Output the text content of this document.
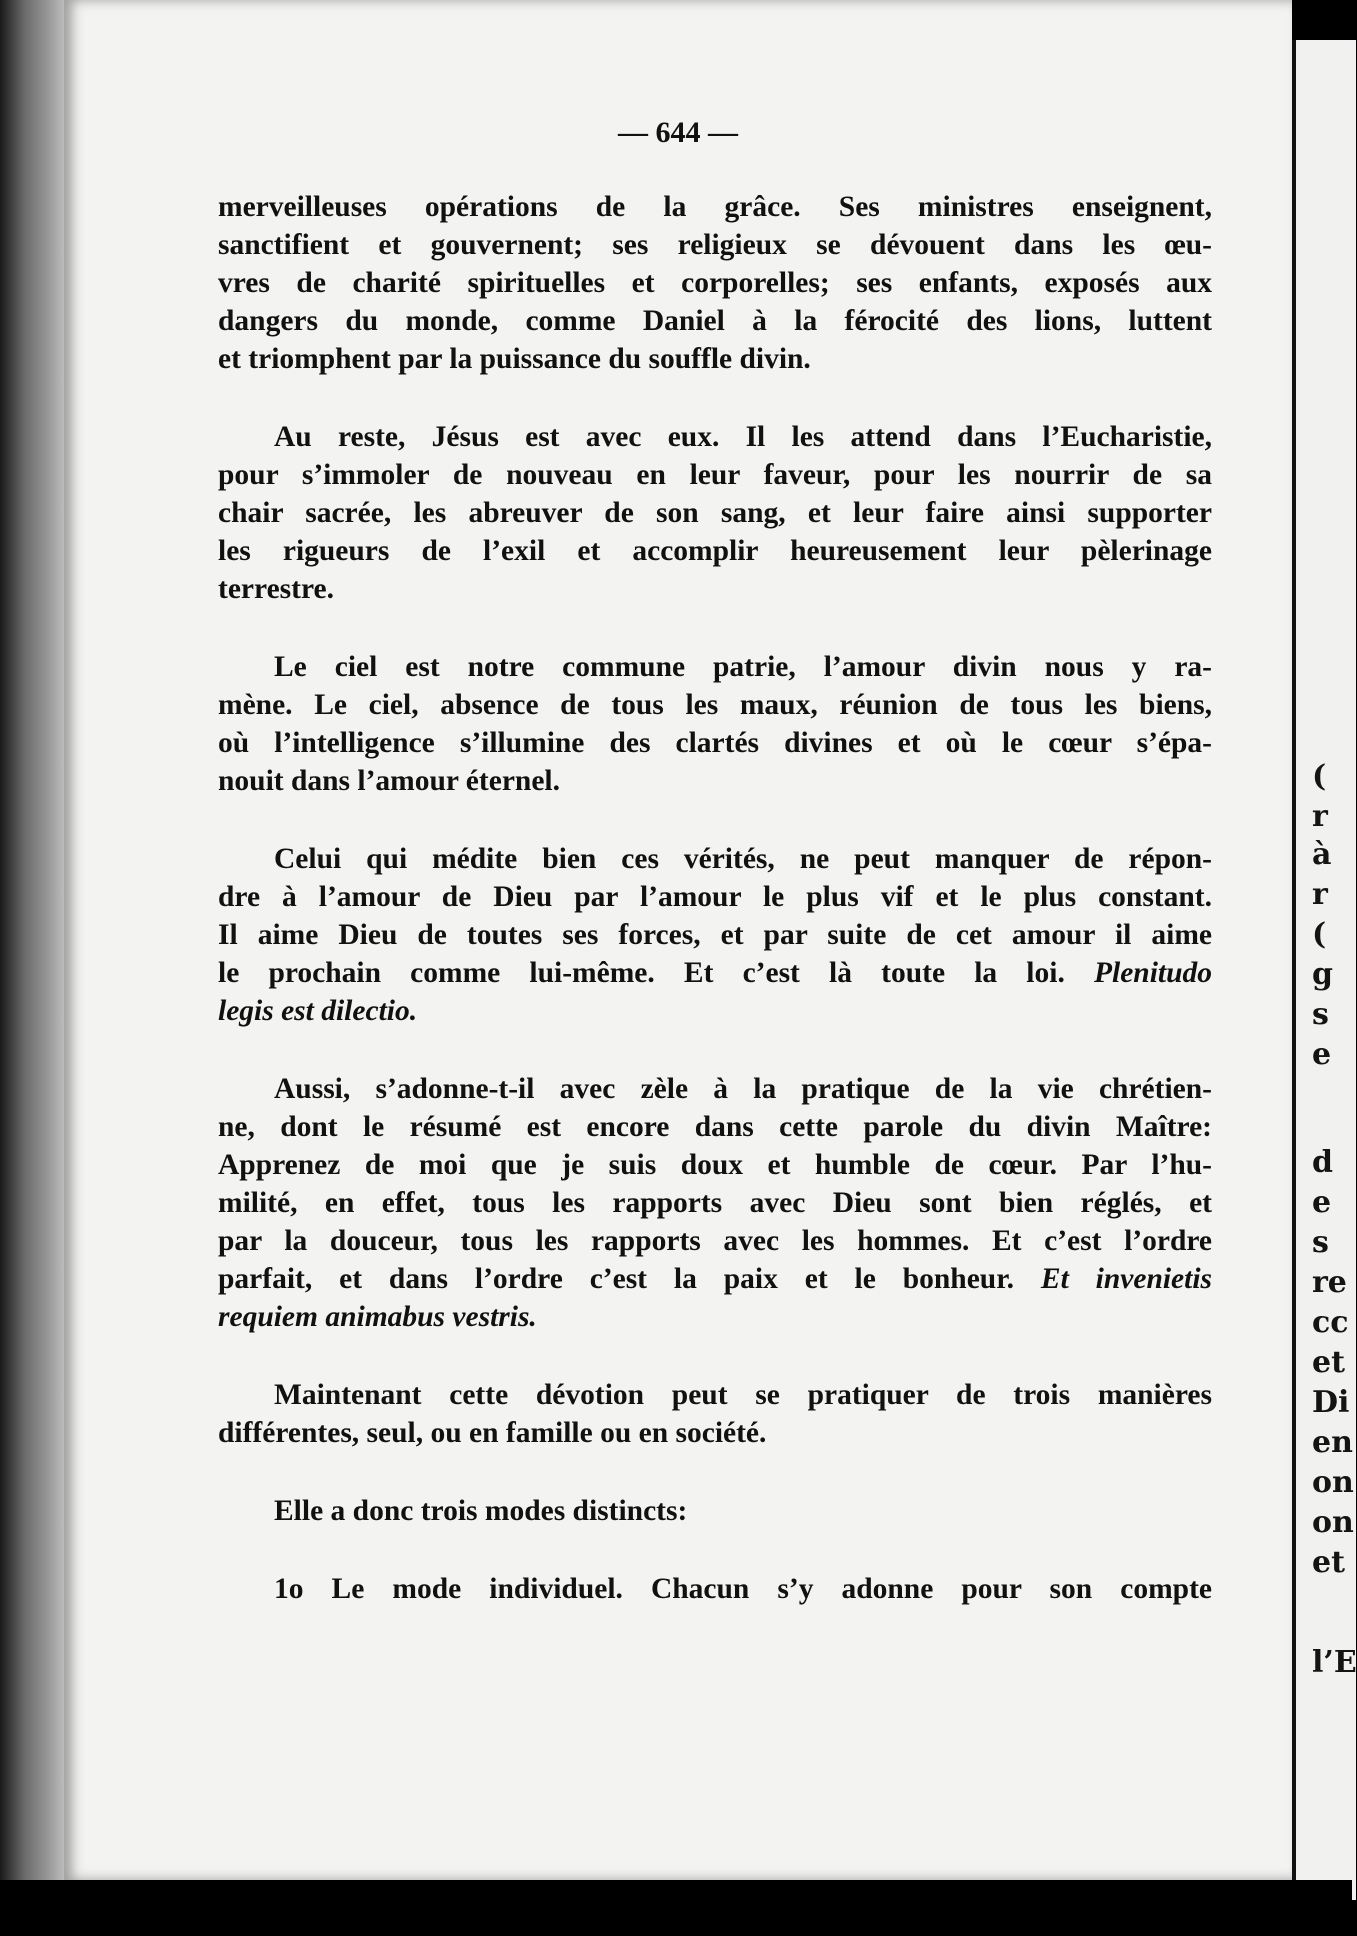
— 644 —
merveilleuses opérations de la grâce. Ses ministres enseignent,
sanctifient et gouvernent; ses religieux se dévouent dans les œu-
vres de charité spirituelles et corporelles; ses enfants, exposés aux
dangers du monde, comme Daniel à la férocité des lions, luttent
et triomphent par la puissance du souffle divin.
Au reste, Jésus est avec eux. Il les attend dans l’Eucharistie,
pour s’immoler de nouveau en leur faveur, pour les nourrir de sa
chair sacrée, les abreuver de son sang, et leur faire ainsi supporter
les rigueurs de l’exil et accomplir heureusement leur pèlerinage
terrestre.
Le ciel est notre commune patrie, l’amour divin nous y ra-
mène. Le ciel, absence de tous les maux, réunion de tous les biens,
où l’intelligence s’illumine des clartés divines et où le cœur s’épa-
nouit dans l’amour éternel.
Celui qui médite bien ces vérités, ne peut manquer de répon-
dre à l’amour de Dieu par l’amour le plus vif et le plus constant.
Il aime Dieu de toutes ses forces, et par suite de cet amour il aime
le prochain comme lui-même. Et c’est là toute la loi. Plenitudo
legis est dilectio.
Aussi, s’adonne-t-il avec zèle à la pratique de la vie chrétien-
ne, dont le résumé est encore dans cette parole du divin Maître:
Apprenez de moi que je suis doux et humble de cœur. Par l’hu-
milité, en effet, tous les rapports avec Dieu sont bien réglés, et
par la douceur, tous les rapports avec les hommes. Et c’est l’ordre
parfait, et dans l’ordre c’est la paix et le bonheur. Et invenietis
requiem animabus vestris.
Maintenant cette dévotion peut se pratiquer de trois manières
différentes, seul, ou en famille ou en société.
Elle a donc trois modes distincts:
1o Le mode individuel. Chacun s’y adonne pour son compte
(
r
à
r
(
g
s
e
d
e
s
re
cc
et
Di
en
on
on
et
l’E
